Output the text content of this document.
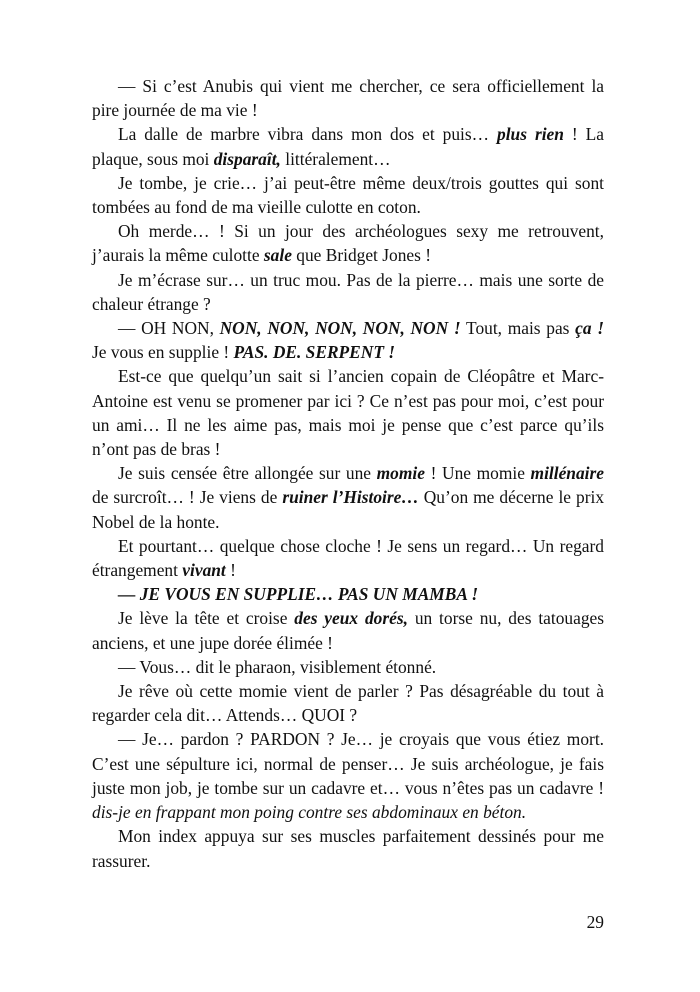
— Si c’est Anubis qui vient me chercher, ce sera officiellement la pire journée de ma vie !

La dalle de marbre vibra dans mon dos et puis… plus rien ! La plaque, sous moi disparaît, littéralement…

Je tombe, je crie… j’ai peut-être même deux/trois gouttes qui sont tombées au fond de ma vieille culotte en coton.

Oh merde… ! Si un jour des archéologues sexy me retrouvent, j’aurais la même culotte sale que Bridget Jones !

Je m’écrase sur… un truc mou. Pas de la pierre… mais une sorte de chaleur étrange ?

— OH NON, NON, NON, NON, NON, NON ! Tout, mais pas ça ! Je vous en supplie ! PAS. DE. SERPENT !

Est-ce que quelqu’un sait si l’ancien copain de Cléopâtre et Marc-Antoine est venu se promener par ici ? Ce n’est pas pour moi, c’est pour un ami… Il ne les aime pas, mais moi je pense que c’est parce qu’ils n’ont pas de bras !

Je suis censée être allongée sur une momie ! Une momie millénaire de surcroît… ! Je viens de ruiner l’Histoire… Qu’on me décerne le prix Nobel de la honte.

Et pourtant… quelque chose cloche ! Je sens un regard… Un regard étrangement vivant !

— JE VOUS EN SUPPLIE… PAS UN MAMBA !

Je lève la tête et croise des yeux dorés, un torse nu, des tatouages anciens, et une jupe dorée élimée !

— Vous… dit le pharaon, visiblement étonné.

Je rêve où cette momie vient de parler ? Pas désagréable du tout à regarder cela dit… Attends… QUOI ?

— Je… pardon ? PARDON ? Je… je croyais que vous étiez mort. C’est une sépulture ici, normal de penser… Je suis archéologue, je fais juste mon job, je tombe sur un cadavre et… vous n’êtes pas un cadavre ! dis-je en frappant mon poing contre ses abdominaux en béton.

Mon index appuya sur ses muscles parfaitement dessinés pour me rassurer.

29
